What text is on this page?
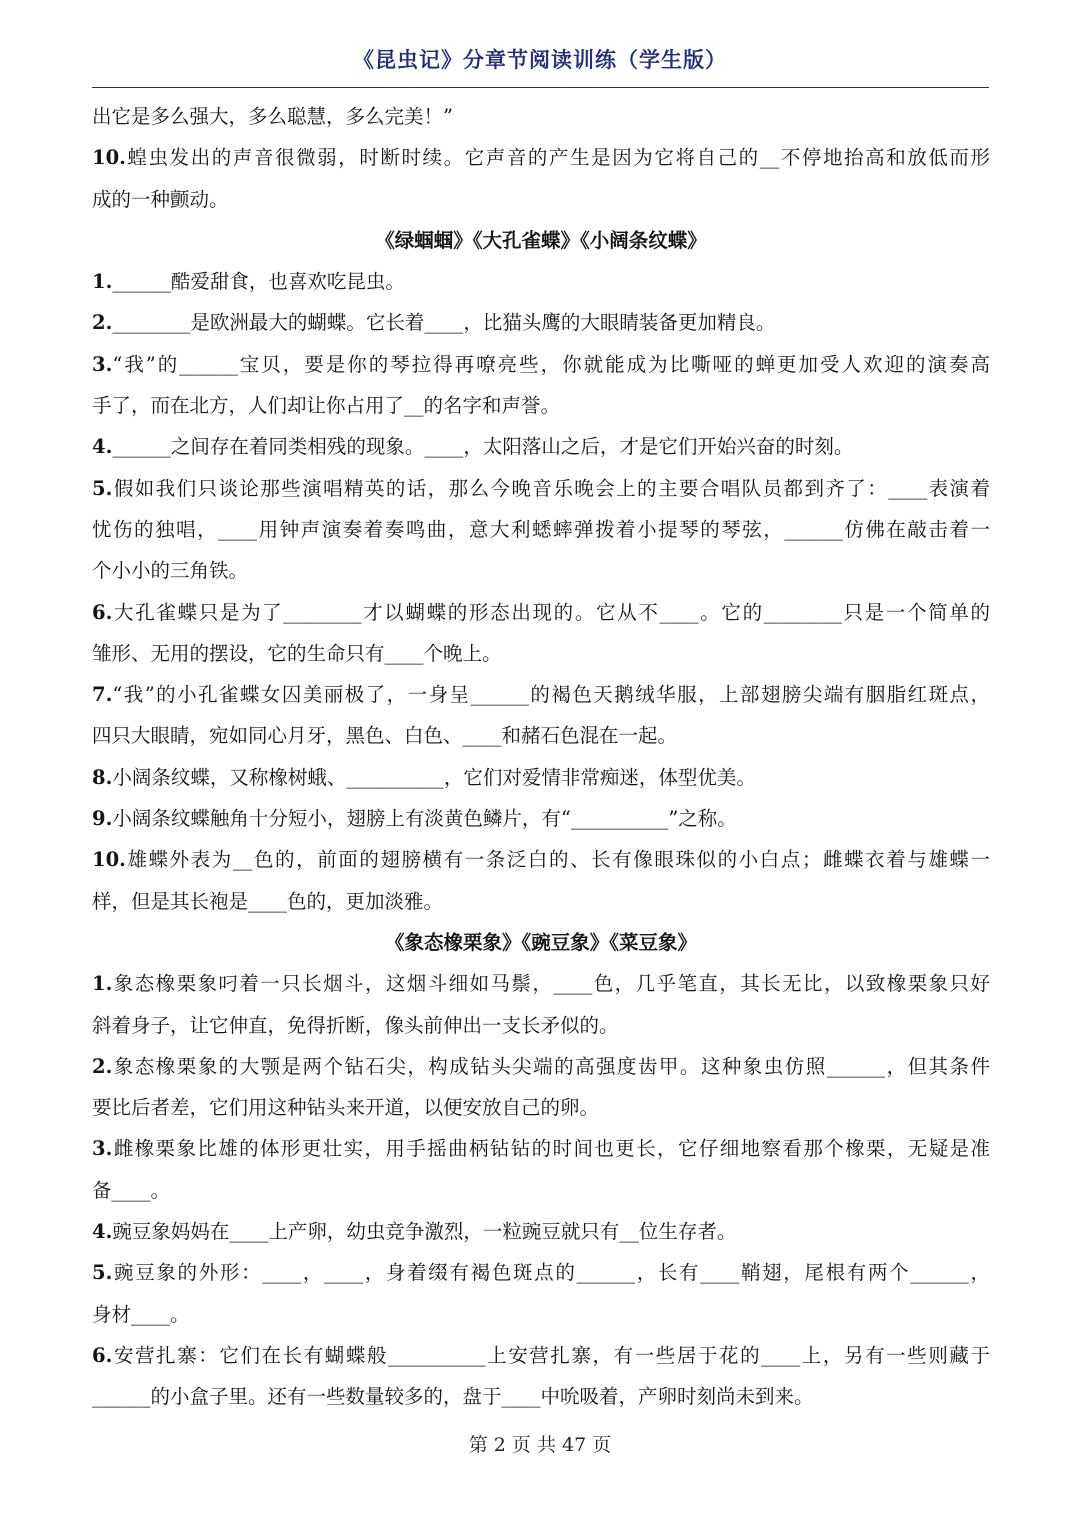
《昆虫记》分章节阅读训练（学生版）
出它是多么强大，多么聪慧，多么完美！”
10.蝗虫发出的声音很微弱，时断时续。它声音的产生是因为它将自己的__不停地抬高和放低而形
成的一种颤动。
《绿蝈蝈》《大孔雀蝶》《小阔条纹蝶》
1.______酷爱甜食，也喜欢吃昆虫。
2.________是欧洲最大的蝴蝶。它长着____，比猫头鹰的大眼睛装备更加精良。
3.“我”的______宝贝，要是你的琴拉得再嘹亮些，你就能成为比嘶哑的蝉更加受人欢迎的演奏高
手了，而在北方，人们却让你占用了__的名字和声誉。
4.______之间存在着同类相残的现象。____，太阳落山之后，才是它们开始兴奋的时刻。
5.假如我们只谈论那些演唱精英的话，那么今晚音乐晚会上的主要合唱队员都到齐了：____表演着
忧伤的独唱，____用钟声演奏着奏鸣曲，意大利蟋蟀弹拨着小提琴的琴弦，______仿佛在敲击着一
个小小的三角铁。
6.大孔雀蝶只是为了________才以蝴蝶的形态出现的。它从不____。它的________只是一个简单的
雏形、无用的摆设，它的生命只有____个晚上。
7.“我”的小孔雀蝶女囚美丽极了，一身呈______的褐色天鹅绒华服，上部翅膀尖端有胭脂红斑点，
四只大眼睛，宛如同心月牙，黑色、白色、____和赭石色混在一起。
8.小阔条纹蝶，又称橡树蛾、__________，它们对爱情非常痴迷，体型优美。
9.小阔条纹蝶触角十分短小，翅膀上有淡黄色鳞片，有“__________”之称。
10.雄蝶外表为__色的，前面的翅膀横有一条泛白的、长有像眼珠似的小白点；雌蝶衣着与雄蝶一
样，但是其长袍是____色的，更加淡雅。
《象态橡栗象》《豌豆象》《菜豆象》
1.象态橡栗象叼着一只长烟斗，这烟斗细如马鬃，____色，几乎笔直，其长无比，以致橡栗象只好
斜着身子，让它伸直，免得折断，像头前伸出一支长矛似的。
2.象态橡栗象的大颚是两个钻石尖，构成钻头尖端的高强度齿甲。这种象虫仿照______，但其条件
要比后者差，它们用这种钻头来开道，以便安放自己的卵。
3.雌橡栗象比雄的体形更壮实，用手摇曲柄钻钻的时间也更长，它仔细地察看那个橡栗，无疑是准
备____。
4.豌豆象妈妈在____上产卵，幼虫竞争激烈，一粒豌豆就只有__位生存者。
5.豌豆象的外形：____，____，身着缀有褐色斑点的______，长有____鞘翅，尾根有两个______，
身材____。
6.安营扎寨：它们在长有蝴蝶般__________上安营扎寨，有一些居于花的____上，另有一些则藏于
______的小盒子里。还有一些数量较多的，盘于____中吮吸着，产卵时刻尚未到来。
第 2 页 共 47 页
